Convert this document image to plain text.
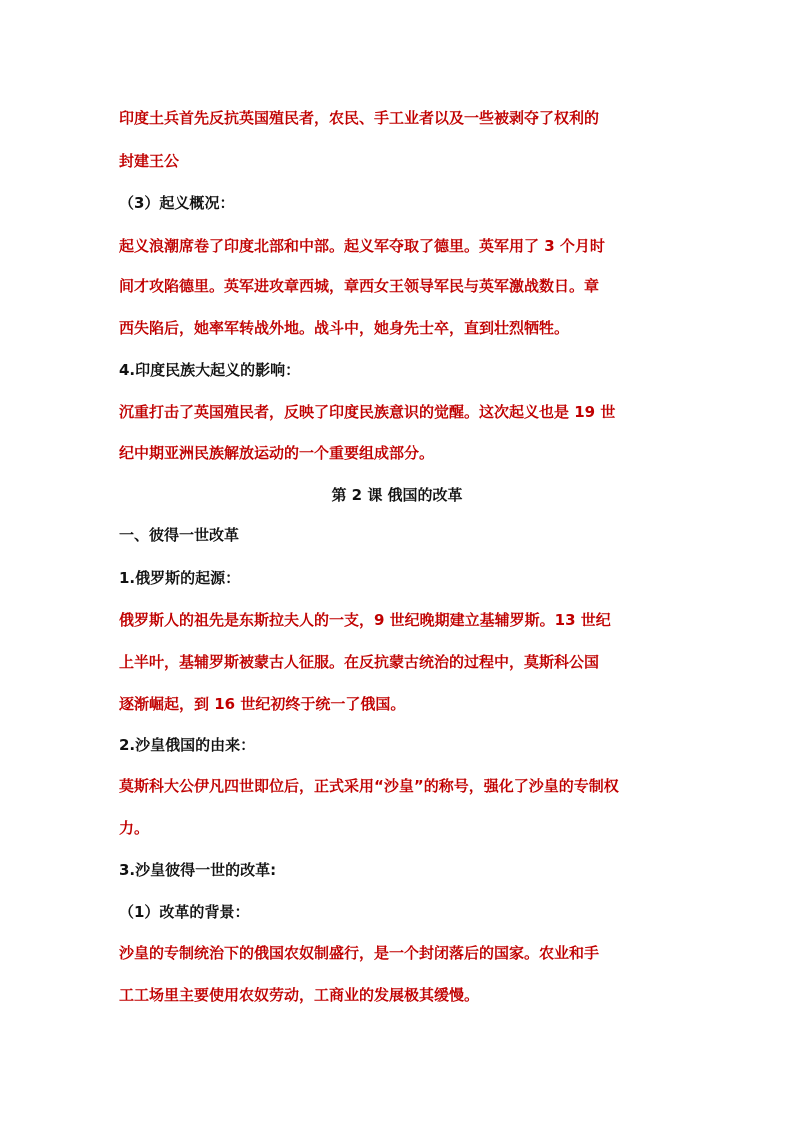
印度土兵首先反抗英国殖民者，农民、手工业者以及一些被剥夺了权利的
封建王公
（3）起义概况：
起义浪潮席卷了印度北部和中部。起义军夺取了德里。英军用了 3 个月时
间才攻陷德里。英军进攻章西城，章西女王领导军民与英军激战数日。章
西失陷后，她率军转战外地。战斗中，她身先士卒，直到壮烈牺牲。
4.印度民族大起义的影响：
沉重打击了英国殖民者，反映了印度民族意识的觉醒。这次起义也是 19 世
纪中期亚洲民族解放运动的一个重要组成部分。
第 2 课 俄国的改革
一、彼得一世改革
1.俄罗斯的起源：
俄罗斯人的祖先是东斯拉夫人的一支，9 世纪晚期建立基辅罗斯。13 世纪
上半叶，基辅罗斯被蒙古人征服。在反抗蒙古统治的过程中，莫斯科公国
逐渐崛起，到 16 世纪初终于统一了俄国。
2.沙皇俄国的由来：
莫斯科大公伊凡四世即位后，正式采用“沙皇”的称号，强化了沙皇的专制权
力。
3.沙皇彼得一世的改革:
（1）改革的背景：
沙皇的专制统治下的俄国农奴制盛行，是一个封闭落后的国家。农业和手
工工场里主要使用农奴劳动，工商业的发展极其缓慢。
